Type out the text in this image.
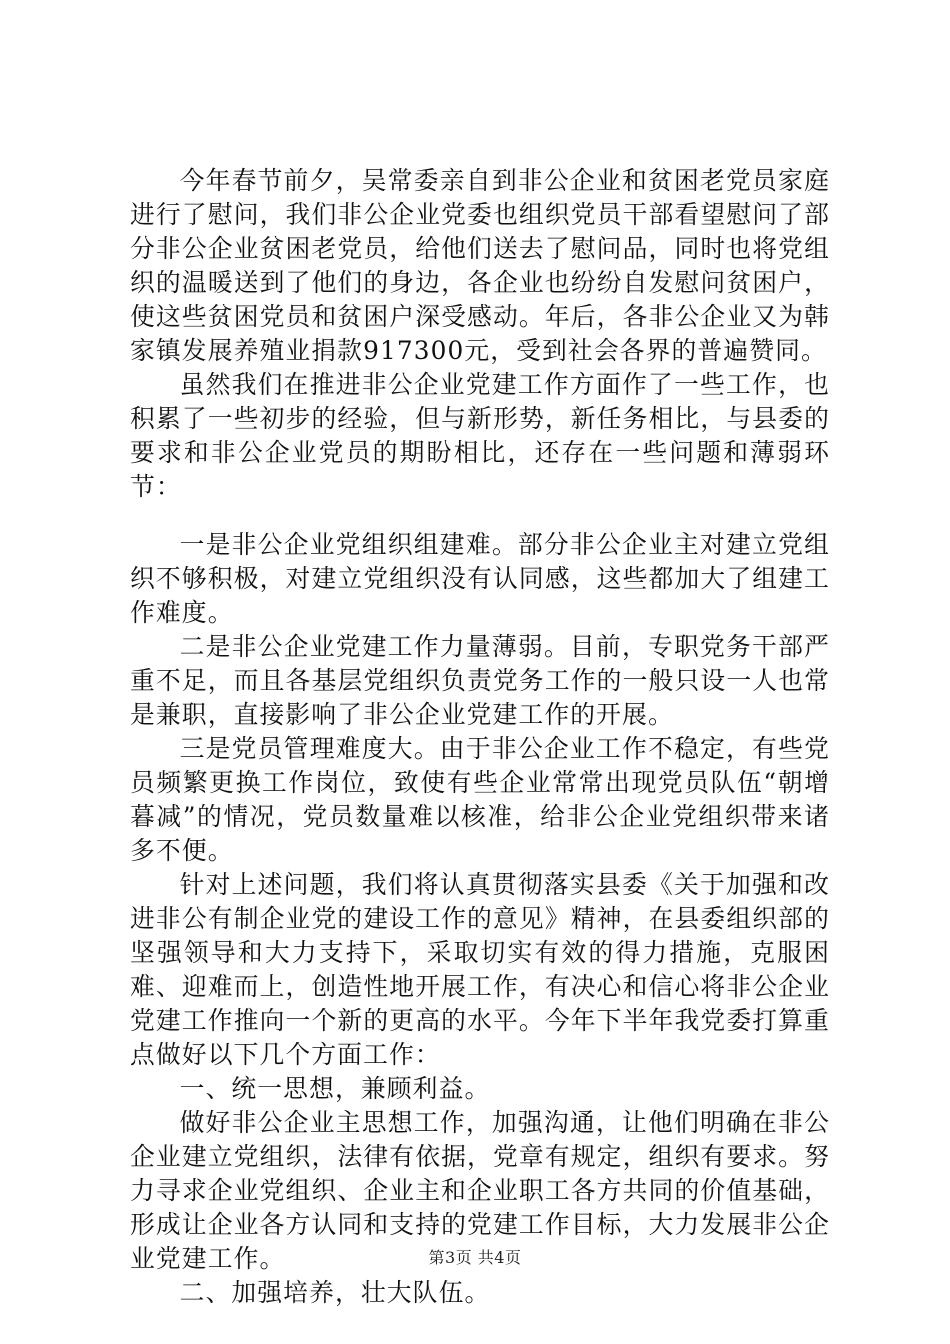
今年春节前夕，吴常委亲自到非公企业和贫困老党员家庭进行了慰问，我们非公企业党委也组织党员干部看望慰问了部分非公企业贫困老党员，给他们送去了慰问品，同时也将党组织的温暖送到了他们的身边，各企业也纷纷自发慰问贫困户，使这些贫困党员和贫困户深受感动。年后，各非公企业又为韩家镇发展养殖业捐款917300元，受到社会各界的普遍赞同。

虽然我们在推进非公企业党建工作方面作了一些工作，也积累了一些初步的经验，但与新形势，新任务相比，与县委的要求和非公企业党员的期盼相比，还存在一些问题和薄弱环节：

一是非公企业党组织组建难。部分非公企业主对建立党组织不够积极，对建立党组织没有认同感，这些都加大了组建工作难度。

二是非公企业党建工作力量薄弱。目前，专职党务干部严重不足，而且各基层党组织负责党务工作的一般只设一人也常是兼职，直接影响了非公企业党建工作的开展。

三是党员管理难度大。由于非公企业工作不稳定，有些党员频繁更换工作岗位，致使有些企业常常出现党员队伍“朝增暮减”的情况，党员数量难以核准，给非公企业党组织带来诸多不便。

针对上述问题，我们将认真贯彻落实县委《关于加强和改进非公有制企业党的建设工作的意见》精神，在县委组织部的坚强领导和大力支持下，采取切实有效的得力措施，克服困难、迎难而上，创造性地开展工作，有决心和信心将非公企业党建工作推向一个新的更高的水平。今年下半年我党委打算重点做好以下几个方面工作：

一、统一思想，兼顾利益。

做好非公企业主思想工作，加强沟通，让他们明确在非公企业建立党组织，法律有依据，党章有规定，组织有要求。努力寻求企业党组织、企业主和企业职工各方共同的价值基础，形成让企业各方认同和支持的党建工作目标，大力发展非公企业党建工作。

二、加强培养，壮大队伍。

第3页 共4页
